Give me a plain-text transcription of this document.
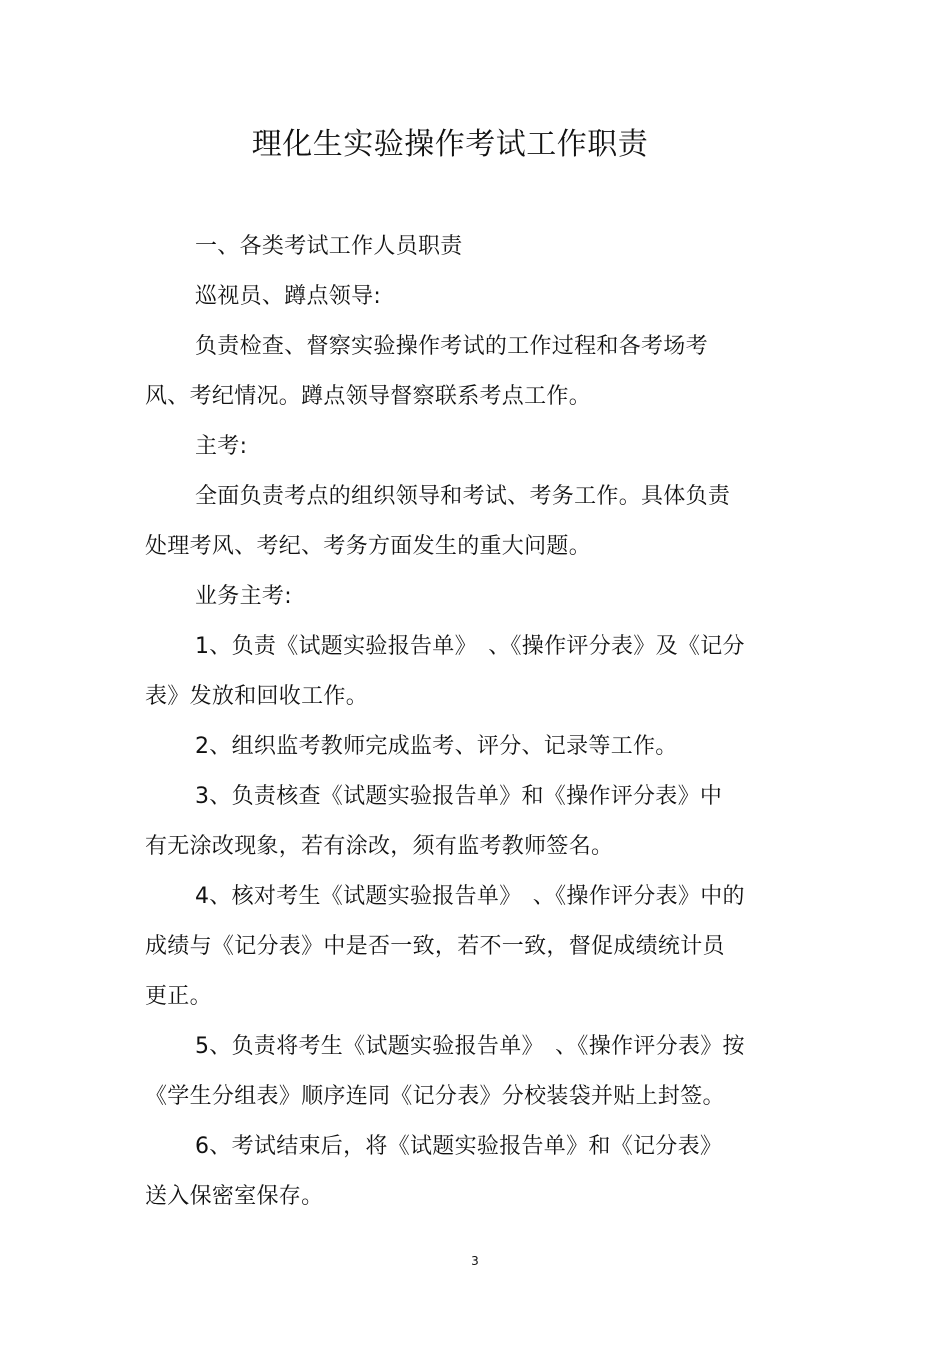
理化生实验操作考试工作职责
一、各类考试工作人员职责
巡视员、蹲点领导:
负责检查、督察实验操作考试的工作过程和各考场考
风、考纪情况。蹲点领导督察联系考点工作。
主考:
全面负责考点的组织领导和考试、考务工作。具体负责
处理考风、考纪、考务方面发生的重大问题。
业务主考:
1、负责《试题实验报告单》　、《操作评分表》及《记分
表》发放和回收工作。
2、组织监考教师完成监考、评分、记录等工作。
3、负责核查《试题实验报告单》和《操作评分表》中
有无涂改现象，若有涂改，须有监考教师签名。
4、核对考生《试题实验报告单》　、《操作评分表》中的
成绩与《记分表》中是否一致，若不一致，督促成绩统计员
更正。
5、负责将考生《试题实验报告单》　、《操作评分表》按
《学生分组表》顺序连同《记分表》分校装袋并贴上封签。
6、考试结束后，将《试题实验报告单》和《记分表》
送入保密室保存。
3
